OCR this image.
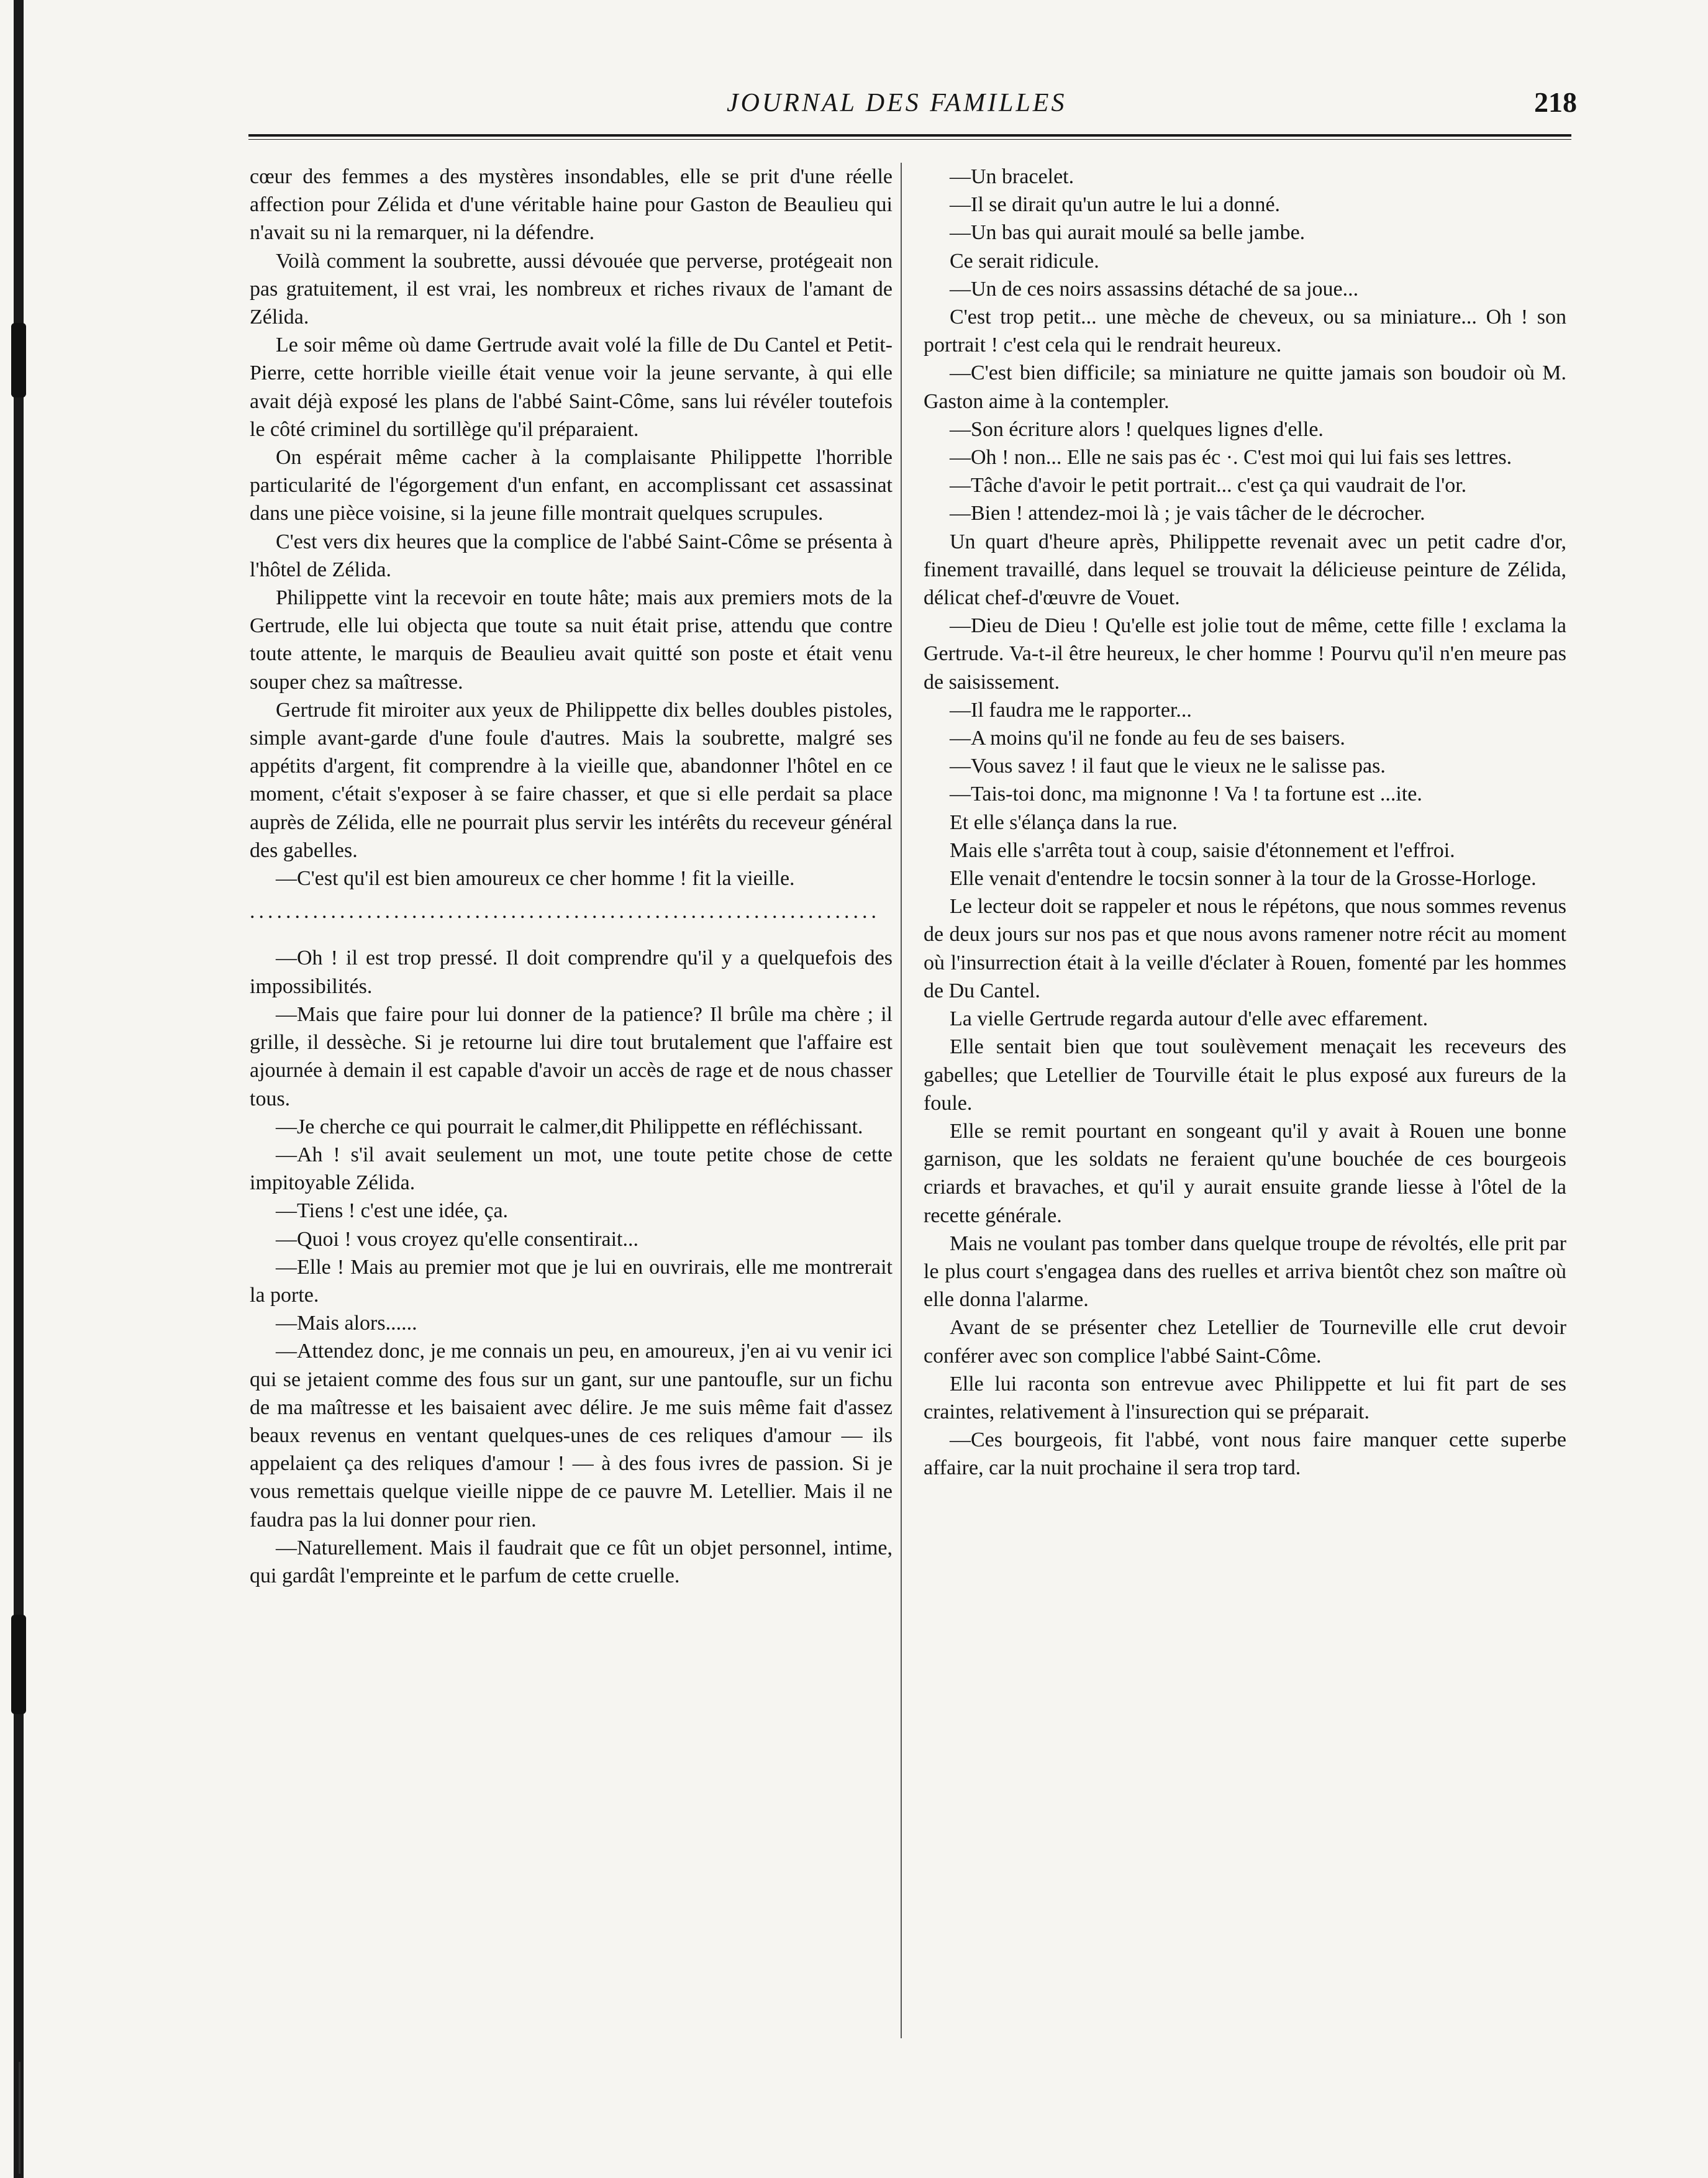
JOURNAL DES FAMILLES	218

cœur des femmes a des mystères insondables, elle se prit d'une réelle affection pour Zélida et d'une véritable haine pour Gaston de Beaulieu qui n'avait su ni la remarquer, ni la défendre.

Voilà comment la soubrette, aussi dévouée que perverse, protégeait non pas gratuitement, il est vrai, les nombreux et riches rivaux de l'amant de Zélida.

Le soir même où dame Gertrude avait volé la fille de Du Cantel et Petit-Pierre, cette horrible vieille était venue voir la jeune servante, à qui elle avait déjà exposé les plans de l'abbé Saint-Côme, sans lui révéler toutefois le côté criminel du sortillège qu'il préparaient.

On espérait même cacher à la complaisante Philippette l'horrible particularité de l'égorgement d'un enfant, en accomplissant cet assassinat dans une pièce voisine, si la jeune fille montrait quelques scrupules.

C'est vers dix heures que la complice de l'abbé Saint-Côme se présenta à l'hôtel de Zélida.

Philippette vint la recevoir en toute hâte; mais aux premiers mots de la Gertrude, elle lui objecta que toute sa nuit était prise, attendu que contre toute attente, le marquis de Beaulieu avait quitté son poste et était venu souper chez sa maîtresse.

Gertrude fit miroiter aux yeux de Philippette dix belles doubles pistoles, simple avant-garde d'une foule d'autres. Mais la soubrette, malgré ses appétits d'argent, fit comprendre à la vieille que, abandonner l'hôtel en ce moment, c'était s'exposer à se faire chasser, et que si elle perdait sa place auprès de Zélida, elle ne pourrait plus servir les intérêts du receveur général des gabelles.

—C'est qu'il est bien amoureux ce cher homme ! fit la vieille.

......................................................................

—Oh ! il est trop pressé. Il doit comprendre qu'il y a quelquefois des impossibilités.

—Mais que faire pour lui donner de la patience? Il brûle ma chère ; il grille, il dessèche. Si je retourne lui dire tout brutalement que l'affaire est ajournée à demain il est capable d'avoir un accès de rage et de nous chasser tous.

—Je cherche ce qui pourrait le calmer,dit Philippette en réfléchissant.

—Ah ! s'il avait seulement un mot, une toute petite chose de cette impitoyable Zélida.

—Tiens ! c'est une idée, ça.

—Quoi ! vous croyez qu'elle consentirait...

—Elle ! Mais au premier mot que je lui en ouvrirais, elle me montrerait la porte.

—Mais alors......

—Attendez donc, je me connais un peu, en amoureux, j'en ai vu venir ici qui se jetaient comme des fous sur un gant, sur une pantoufle, sur un fichu de ma maîtresse et les baisaient avec délire. Je me suis même fait d'assez beaux revenus en ventant quelques-unes de ces reliques d'amour — ils appelaient ça des reliques d'amour ! — à des fous ivres de passion. Si je vous remettais quelque vieille nippe de ce pauvre M. Letellier. Mais il ne faudra pas la lui donner pour rien.

—Naturellement. Mais il faudrait que ce fût un objet personnel, intime, qui gardât l'empreinte et le parfum de cette cruelle.

—Un bracelet.

—Il se dirait qu'un autre le lui a donné.

—Un bas qui aurait moulé sa belle jambe.

Ce serait ridicule.

—Un de ces noirs assassins détaché de sa joue...

C'est trop petit... une mèche de cheveux, ou sa miniature... Oh ! son portrait ! c'est cela qui le rendrait heureux.

—C'est bien difficile; sa miniature ne quitte jamais son boudoir où M. Gaston aime à la contempler.

—Son écriture alors ! quelques lignes d'elle.

—Oh ! non... Elle ne sais pas éc ·. C'est moi qui lui fais ses lettres.

—Tâche d'avoir le petit portrait... c'est ça qui vaudrait de l'or.

—Bien ! attendez-moi là ; je vais tâcher de le décrocher.

Un quart d'heure après, Philippette revenait avec un petit cadre d'or, finement travaillé, dans lequel se trouvait la délicieuse peinture de Zélida, délicat chef-d'œuvre de Vouet.

—Dieu de Dieu ! Qu'elle est jolie tout de même, cette fille ! exclama la Gertrude. Va-t-il être heureux, le cher homme ! Pourvu qu'il n'en meure pas de saisissement.

—Il faudra me le rapporter...

—A moins qu'il ne fonde au feu de ses baisers.

—Vous savez ! il faut que le vieux ne le salisse pas.

—Tais-toi donc, ma mignonne ! Va ! ta fortune est ...ite.

Et elle s'élança dans la rue.

Mais elle s'arrêta tout à coup, saisie d'étonnement et l'effroi.

Elle venait d'entendre le tocsin sonner à la tour de la Grosse-Horloge.

Le lecteur doit se rappeler et nous le répétons, que nous sommes revenus de deux jours sur nos pas et que nous avons ramener notre récit au moment où l'insurrection était à la veille d'éclater à Rouen, fomenté par les hommes de Du Cantel.

La vielle Gertrude regarda autour d'elle avec effarement.

Elle sentait bien que tout soulèvement menaçait les receveurs des gabelles; que Letellier de Tourville était le plus exposé aux fureurs de la foule.

Elle se remit pourtant en songeant qu'il y avait à Rouen une bonne garnison, que les soldats ne feraient qu'une bouchée de ces bourgeois criards et bravaches, et qu'il y aurait ensuite grande liesse à l'ôtel de la recette générale.

Mais ne voulant pas tomber dans quelque troupe de révoltés, elle prit par le plus court s'engagea dans des ruelles et arriva bientôt chez son maître où elle donna l'alarme.

Avant de se présenter chez Letellier de Tourneville elle crut devoir conférer avec son complice l'abbé Saint-Côme.

Elle lui raconta son entrevue avec Philippette et lui fit part de ses craintes, relativement à l'insurection qui se préparait.

—Ces bourgeois, fit l'abbé, vont nous faire manquer cette superbe affaire, car la nuit prochaine il sera trop tard.
